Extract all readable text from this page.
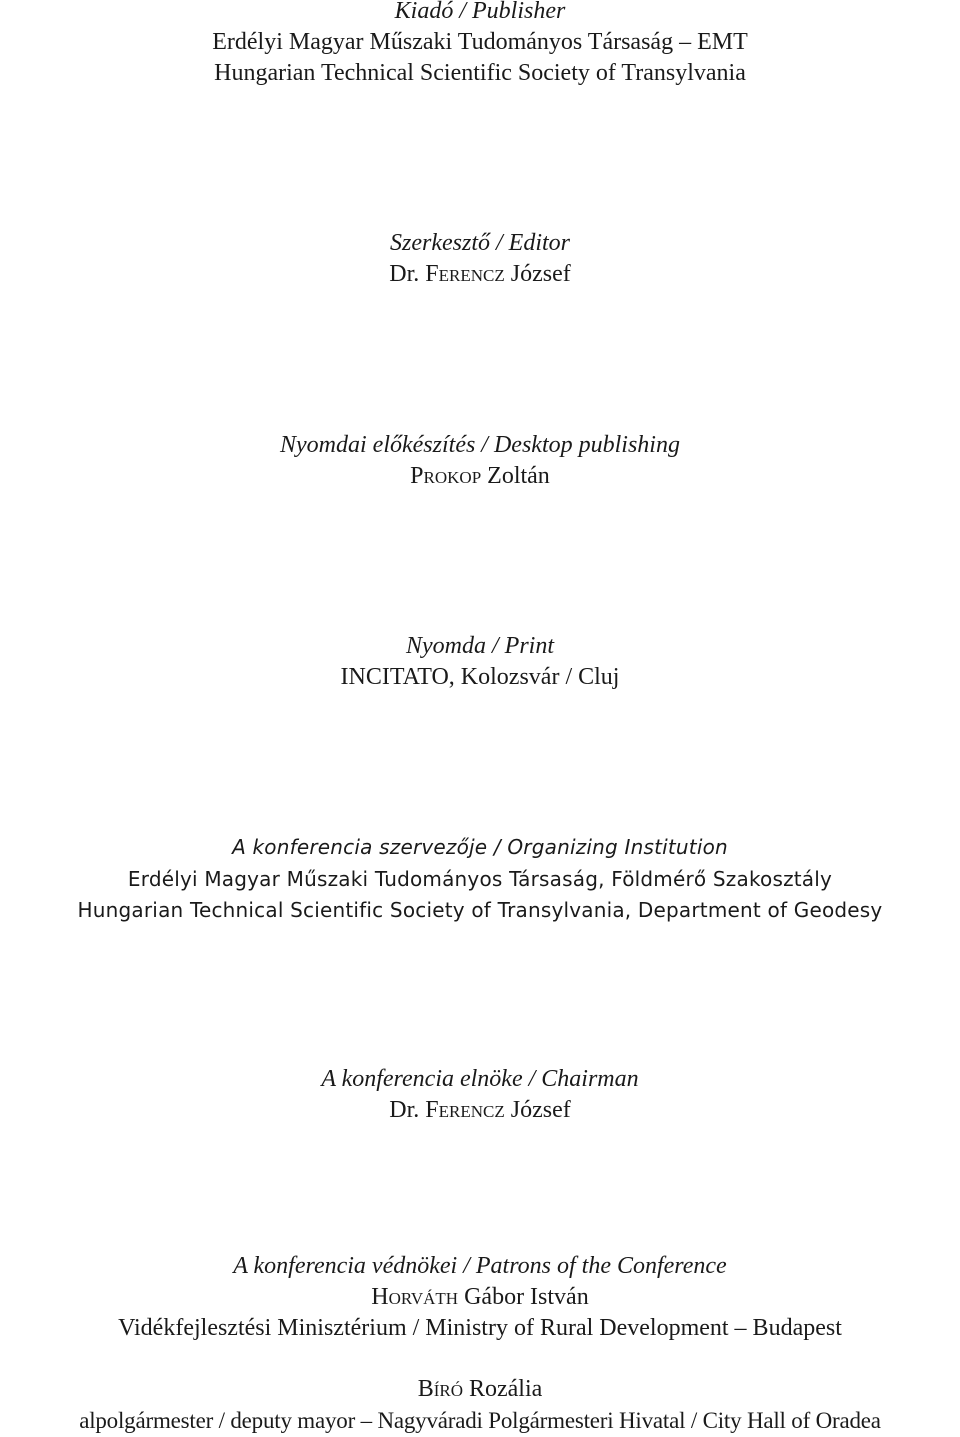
Kiadó / Publisher
Erdélyi Magyar Műszaki Tudományos Társaság – EMT
Hungarian Technical Scientific Society of Transylvania
Szerkesztő / Editor
Dr. Ferencz József
Nyomdai előkészítés / Desktop publishing
Prokop Zoltán
Nyomda / Print
INCITATO, Kolozsvár / Cluj
A konferencia szervezője / Organizing Institution
Erdélyi Magyar Műszaki Tudományos Társaság, Földmérő Szakosztály
Hungarian Technical Scientific Society of Transylvania, Department of Geodesy
A konferencia elnöke / Chairman
Dr. Ferencz József
A konferencia védnökei / Patrons of the Conference
Horváth Gábor István
Vidékfejlesztési Minisztérium / Ministry of Rural Development – Budapest
Bíró Rozália
alpolgármester / deputy mayor – Nagyváradi Polgármesteri Hivatal / City Hall of Oradea
